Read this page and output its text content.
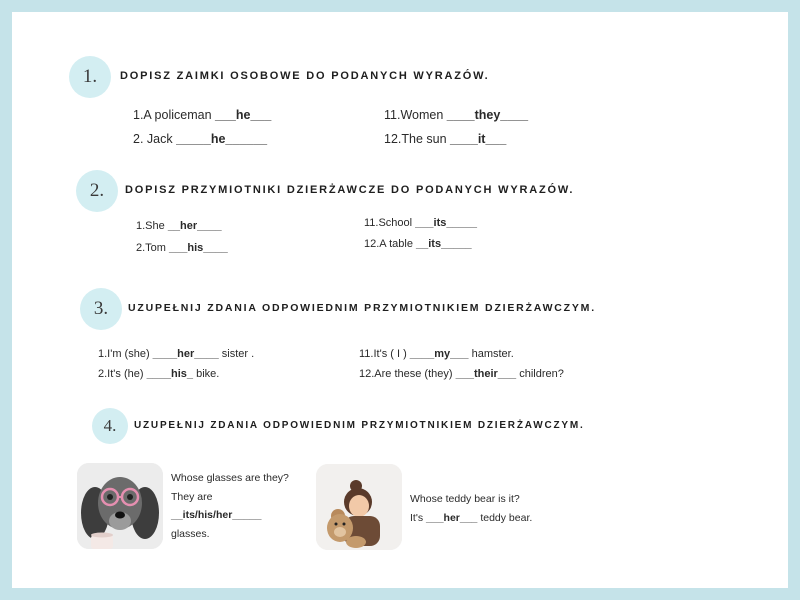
1.	DOPISZ ZAIMKI OSOBOWE DO PODANYCH WYRAZÓW.
1.A policeman ___he___
2. Jack _____he______
11.Women ____they____
12.The sun ____it___
2.	DOPISZ PRZYMIOTNIKI DZIERŻAWCZE DO PODANYCH WYRAZÓW.
1.She __her____
2.Tom ___his____
11.School ___its_____
12.A table __its_____
3.	UZUPEŁNIJ ZDANIA ODPOWIEDNIM PRZYMIOTNIKIEM DZIERŻAWCZYM.
1.I'm (she) ____her____ sister .
2.It's (he) ____his_ bike.
11.It's ( I ) ____my___ hamster.
12.Are these (they) ___their___ children?
4.	UZUPEŁNIJ ZDANIA ODPOWIEDNIM PRZYMIOTNIKIEM DZIERŻAWCZYM.
Whose glasses are they?
They are
__its/his/her_____
glasses.
Whose teddy bear is it?
It's ___her___ teddy bear.
